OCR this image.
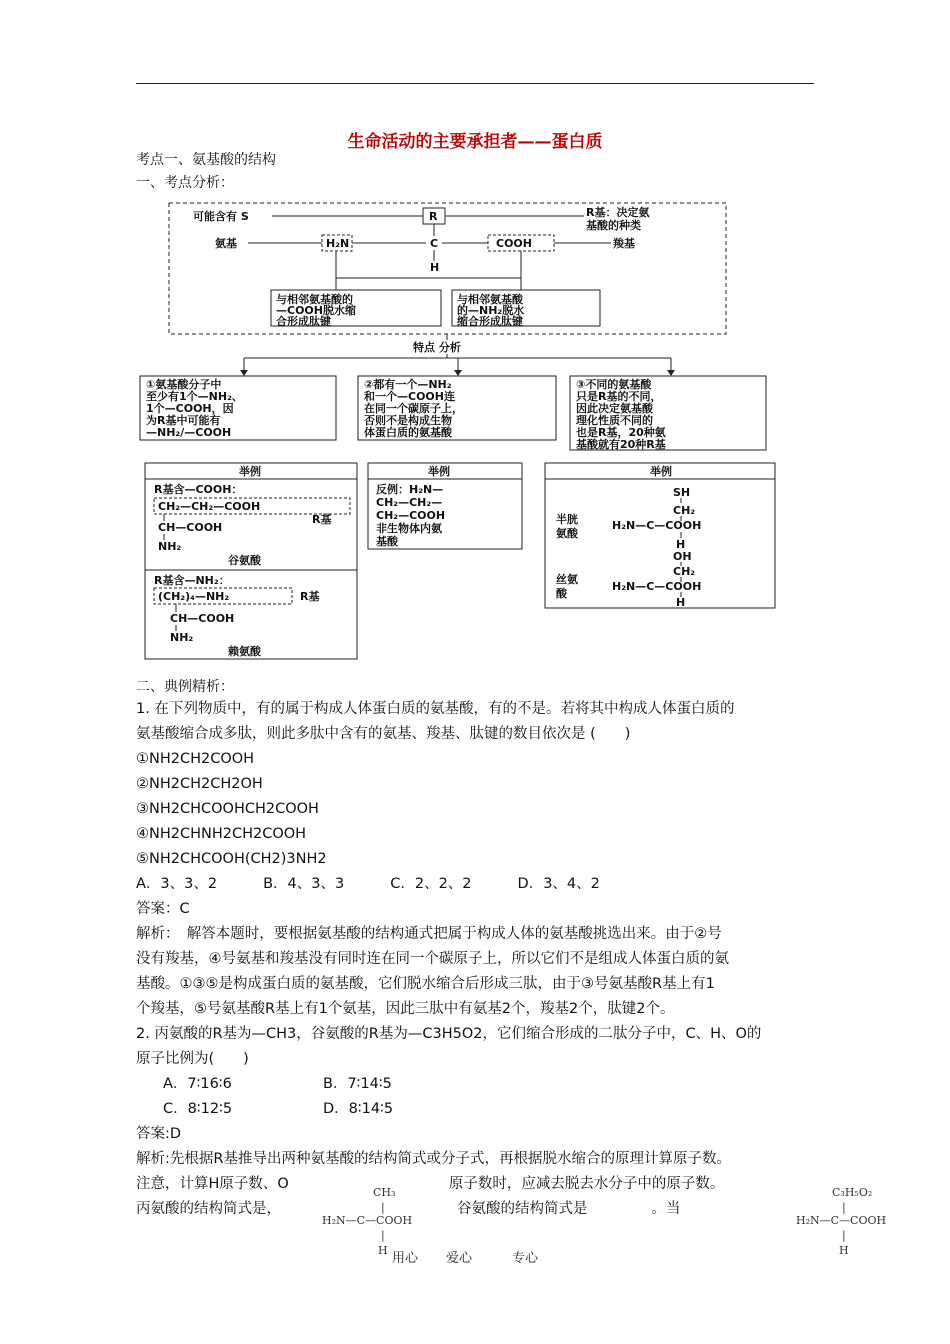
生命活动的主要承担者——蛋白质
考点一、氨基酸的结构
一、考点分析：
可能含有 S	R	R基：决定氨
基酸的种类
氨基	H₂N	C	COOH	羧基
H
与相邻氨基酸的
—COOH脱水缩
合形成肽键
与相邻氨基酸
的—NH₂脱水
缩合形成肽键
特点 分析
①氨基酸分子中
至少有1个—NH₂、
1个—COOH，因
为R基中可能有
—NH₂/—COOH
②都有一个—NH₂
和一个—COOH连
在同一个碳原子上，
否则不是构成生物
体蛋白质的氨基酸
③不同的氨基酸
只是R基的不同，
因此决定氨基酸
理化性质不同的
也是R基，20种氨
基酸就有20种R基
举例
R基含—COOH：
CH₂—CH₂—COOH
R基
CH—COOH
NH₂
谷氨酸
R基含—NH₂：
(CH₂)₄—NH₂	R基
CH—COOH
NH₂
赖氨酸
举例
反例：H₂N—
CH₂—CH₂—
CH₂—COOH
非生物体内氨
基酸
举例
SH
CH₂
半胱
氨酸
H₂N—C—COOH
H
OH
CH₂
丝氨
酸
H₂N—C—COOH
H
二、典例精析：
1. 在下列物质中，有的属于构成人体蛋白质的氨基酸，有的不是。若将其中构成人体蛋白质的
氨基酸缩合成多肽，则此多肽中含有的氨基、羧基、肽键的数目依次是 (　　)
①NH2CH2COOH
②NH2CH2CH2OH
③NH2CHCOOHCH2COOH
④NH2CHNH2CH2COOH
⑤NH2CHCOOH(CH2)3NH2
A．3、3、2	B．4、3、3	C．2、2、2	D．3、4、2
答案：C
解析：　解答本题时，要根据氨基酸的结构通式把属于构成人体的氨基酸挑选出来。由于②号
没有羧基，④号氨基和羧基没有同时连在同一个碳原子上，所以它们不是组成人体蛋白质的氨
基酸。①③⑤是构成蛋白质的氨基酸，它们脱水缩合后形成三肽，由于③号氨基酸R基上有1
个羧基，⑤号氨基酸R基上有1个氨基，因此三肽中有氨基2个，羧基2个，肽键2个。
2. 丙氨酸的R基为—CH3，谷氨酸的R基为—C3H5O2，它们缩合形成的二肽分子中，C、H、O的
原子比例为(　　)
A．7∶16∶6	B．7∶14∶5
C．8∶12∶5	D．8∶14∶5
答案:D
解析:先根据R基推导出两种氨基酸的结构简式或分子式，再根据脱水缩合的原理计算原子数。
注意，计算H原子数、O	原子数时，应减去脱去水分子中的原子数。
丙氨酸的结构简式是，	谷氨酸的结构简式是	。当
CH₃
|
H₂N—C—COOH
|
H
C₃H₅O₂
|
H₂N—C—COOH
|
H
用心 爱心	专心
